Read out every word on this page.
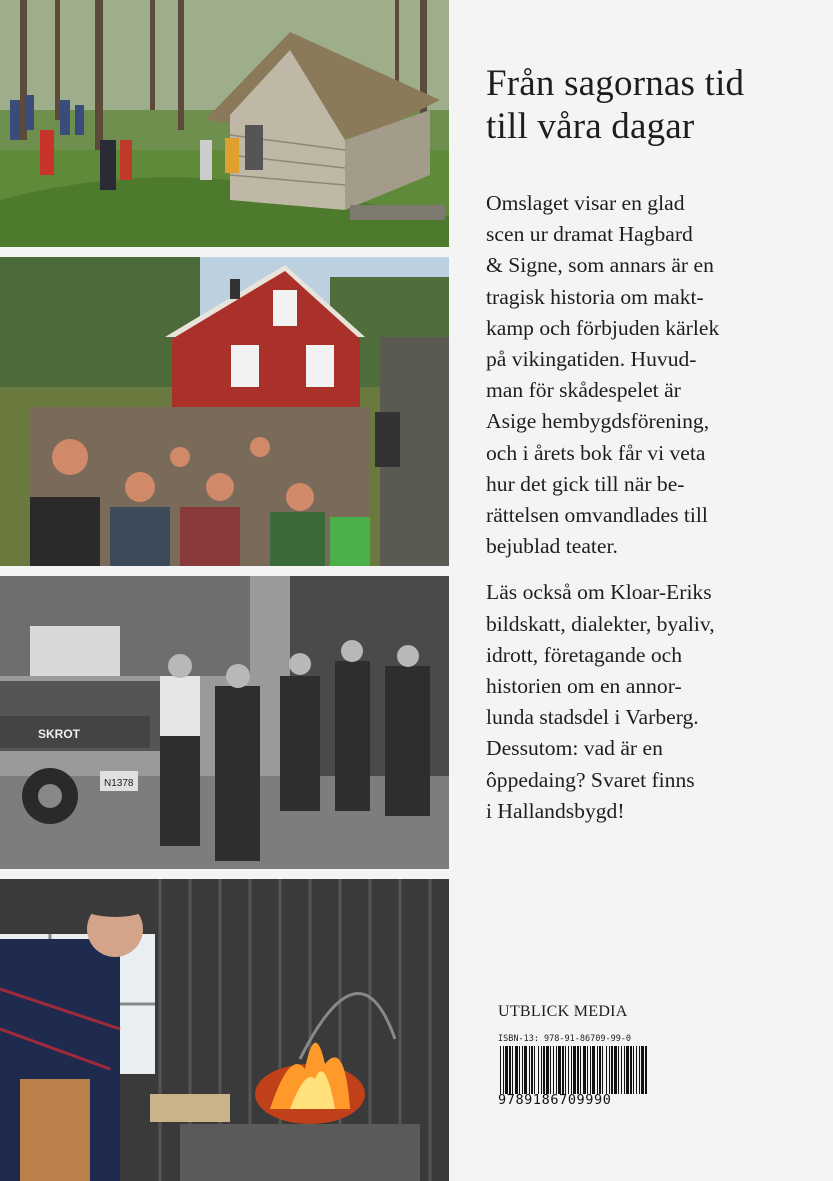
SKROT
N1378
Från sagornas tid
till våra dagar

Omslaget visar en glad
scen ur dramat Hagbard
& Signe, som annars är en
tragisk historia om makt-
kamp och förbjuden kärlek
på vikingatiden. Huvud-
man för skådespelet är
Asige hembygdsförening,
och i årets bok får vi veta
hur det gick till när be-
rättelsen omvandlades till
bejublad teater.

Läs också om Kloar-Eriks
bildskatt, dialekter, byaliv,
idrott, företagande och
historien om en annor-
lunda stadsdel i Varberg.
Dessutom: vad är en
ôppedaing? Svaret finns
i Hallandsbygd!

UTBLICK MEDIA
ISBN-13: 978-91-86709-99-0
9789186709990
